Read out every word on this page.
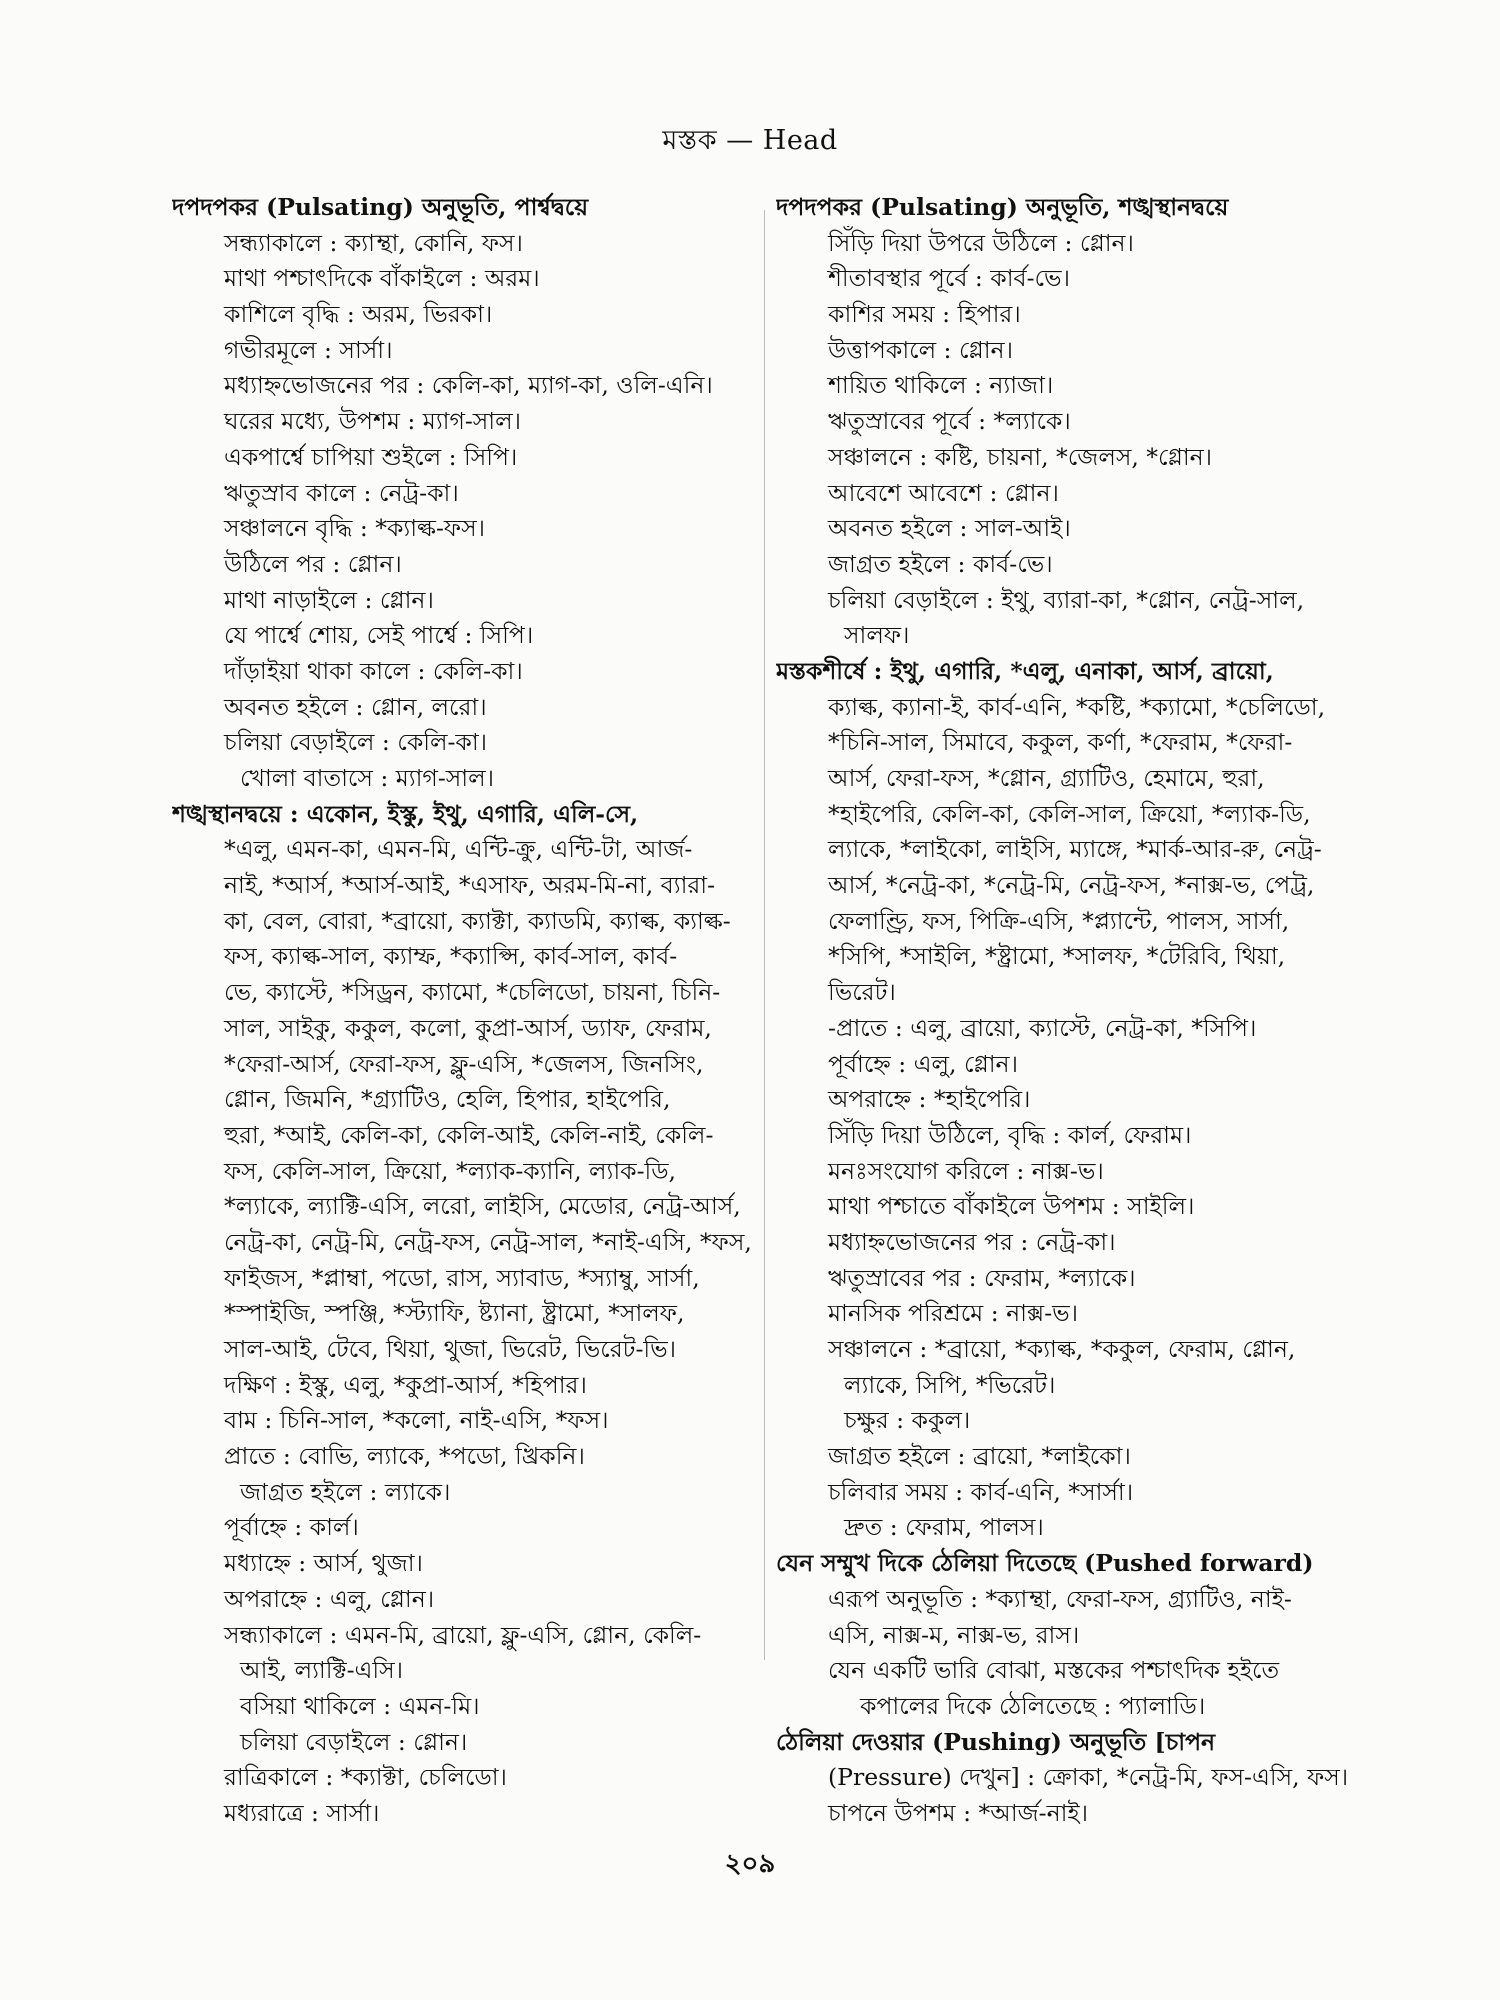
মস্তক — Head
দপদপকর (Pulsating) অনুভূতি, পার্শ্বদ্বয়ে
সন্ধ্যাকালে : ক্যাম্থা, কোনি, ফস।
মাথা পশ্চাৎদিকে বাঁকাইলে : অরম।
কাশিলে বৃদ্ধি : অরম, ভিরকা।
গভীরমূলে : সার্সা।
মধ্যাহ্নভোজনের পর : কেলি-কা, ম্যাগ-কা, ওলি-এনি।
ঘরের মধ্যে, উপশম : ম্যাগ-সাল।
একপার্শ্বে চাপিয়া শুইলে : সিপি।
ঋতুস্রাব কালে : নেট্র-কা।
সঞ্চালনে বৃদ্ধি : *ক্যাল্ক-ফস।
উঠিলে পর : গ্লোন।
মাথা নাড়াইলে : গ্লোন।
যে পার্শ্বে শোয়, সেই পার্শ্বে : সিপি।
দাঁড়াইয়া থাকা কালে : কেলি-কা।
অবনত হইলে : গ্লোন, লরো।
চলিয়া বেড়াইলে : কেলি-কা।
খোলা বাতাসে : ম্যাগ-সাল।
শঙ্খস্থানদ্বয়ে : একোন, ইস্কু, ইথু, এগারি, এলি-সে,
*এলু, এমন-কা, এমন-মি, এন্টি-ক্রু, এন্টি-টা, আর্জ-
নাই, *আর্স, *আর্স-আই, *এসাফ, অরম-মি-না, ব্যারা-
কা, বেল, বোরা, *ব্রায়ো, ক্যাক্টা, ক্যাডমি, ক্যাল্ক, ক্যাল্ক-
ফস, ক্যাল্ক-সাল, ক্যাম্ফ, *ক্যাপ্সি, কার্ব-সাল, কার্ব-
ভে, ক্যাস্টে, *সিড্রন, ক্যামো, *চেলিডো, চায়না, চিনি-
সাল, সাইকু, ককুল, কলো, কুপ্রা-আর্স, ড্যাফ, ফেরাম,
*ফেরা-আর্স, ফেরা-ফস, ফ্লু-এসি, *জেলস, জিনসিং,
গ্লোন, জিমনি, *গ্র্যাটিও, হেলি, হিপার, হাইপেরি,
হুরা, *আই, কেলি-কা, কেলি-আই, কেলি-নাই, কেলি-
ফস, কেলি-সাল, ক্রিয়ো, *ল্যাক-ক্যানি, ল্যাক-ডি,
*ল্যাকে, ল্যাক্টি-এসি, লরো, লাইসি, মেডোর, নেট্র-আর্স,
নেট্র-কা, নেট্র-মি, নেট্র-ফস, নেট্র-সাল, *নাই-এসি, *ফস,
ফাইজস, *প্লাম্বা, পডো, রাস, স্যাবাড, *স্যাম্বু, সার্সা,
*স্পাইজি, স্পঞ্জি, *স্ট্যাফি, ষ্ট্যানা, ষ্ট্রামো, *সালফ,
সাল-আই, টেবে, থিয়া, থুজা, ভিরেট, ভিরেট-ভি।
দক্ষিণ : ইস্কু, এলু, *কুপ্রা-আর্স, *হিপার।
বাম : চিনি-সাল, *কলো, নাই-এসি, *ফস।
প্রাতে : বোভি, ল্যাকে, *পডো, খ্রিকনি।
জাগ্রত হইলে : ল্যাকে।
পূর্বাহ্নে : কার্ল।
মধ্যাহ্নে : আর্স, থুজা।
অপরাহ্নে : এলু, গ্লোন।
সন্ধ্যাকালে : এমন-মি, ব্রায়ো, ফ্লু-এসি, গ্লোন, কেলি-
আই, ল্যাক্টি-এসি।
বসিয়া থাকিলে : এমন-মি।
চলিয়া বেড়াইলে : গ্লোন।
রাত্রিকালে : *ক্যাক্টা, চেলিডো।
মধ্যরাত্রে : সার্সা।
দপদপকর (Pulsating) অনুভূতি, শঙ্খস্থানদ্বয়ে
সিঁড়ি দিয়া উপরে উঠিলে : গ্লোন।
শীতাবস্থার পূর্বে : কার্ব-ভে।
কাশির সময় : হিপার।
উত্তাপকালে : গ্লোন।
শায়িত থাকিলে : ন্যাজা।
ঋতুস্রাবের পূর্বে : *ল্যাকে।
সঞ্চালনে : কষ্টি, চায়না, *জেলস, *গ্লোন।
আবেশে আবেশে : গ্লোন।
অবনত হইলে : সাল-আই।
জাগ্রত হইলে : কার্ব-ভে।
চলিয়া বেড়াইলে : ইথু, ব্যারা-কা, *গ্লোন, নেট্র-সাল,
সালফ।
মস্তকশীর্ষে : ইথু, এগারি, *এলু, এনাকা, আর্স, ব্রায়ো,
ক্যাল্ক, ক্যানা-ই, কার্ব-এনি, *কষ্টি, *ক্যামো, *চেলিডো,
*চিনি-সাল, সিমাবে, ককুল, কর্ণা, *ফেরাম, *ফেরা-
আর্স, ফেরা-ফস, *গ্লোন, গ্র্যাটিও, হেমামে, হুরা,
*হাইপেরি, কেলি-কা, কেলি-সাল, ক্রিয়ো, *ল্যাক-ডি,
ল্যাকে, *লাইকো, লাইসি, ম্যাঙ্গে, *মার্ক-আর-রু, নেট্র-
আর্স, *নেট্র-কা, *নেট্র-মি, নেট্র-ফস, *নাক্স-ভ, পেট্র,
ফেলাণ্ড্রি, ফস, পিক্রি-এসি, *প্ল্যান্টে, পালস, সার্সা,
*সিপি, *সাইলি, *ষ্ট্রামো, *সালফ, *টেরিবি, থিয়া,
ভিরেট।
-প্রাতে : এলু, ব্রায়ো, ক্যাস্টে, নেট্র-কা, *সিপি।
পূর্বাহ্নে : এলু, গ্লোন।
অপরাহ্নে : *হাইপেরি।
সিঁড়ি দিয়া উঠিলে, বৃদ্ধি : কার্ল, ফেরাম।
মনঃসংযোগ করিলে : নাক্স-ভ।
মাথা পশ্চাতে বাঁকাইলে উপশম : সাইলি।
মধ্যাহ্নভোজনের পর : নেট্র-কা।
ঋতুস্রাবের পর : ফেরাম, *ল্যাকে।
মানসিক পরিশ্রমে : নাক্স-ভ।
সঞ্চালনে : *ব্রায়ো, *ক্যাল্ক, *ককুল, ফেরাম, গ্লোন,
ল্যাকে, সিপি, *ভিরেট।
চক্ষুর : ককুল।
জাগ্রত হইলে : ব্রায়ো, *লাইকো।
চলিবার সময় : কার্ব-এনি, *সার্সা।
দ্রুত : ফেরাম, পালস।
যেন সম্মুখ দিকে ঠেলিয়া দিতেছে (Pushed forward)
এরূপ অনুভূতি : *ক্যাম্থা, ফেরা-ফস, গ্র্যাটিও, নাই-
এসি, নাক্স-ম, নাক্স-ভ, রাস।
যেন একটি ভারি বোঝা, মস্তকের পশ্চাৎদিক হইতে
কপালের দিকে ঠেলিতেছে : প্যালাডি।
ঠেলিয়া দেওয়ার (Pushing) অনুভূতি [চাপন
(Pressure) দেখুন] : ক্রোকা, *নেট্র-মি, ফস-এসি, ফস।
চাপনে উপশম : *আর্জ-নাই।
২০৯
